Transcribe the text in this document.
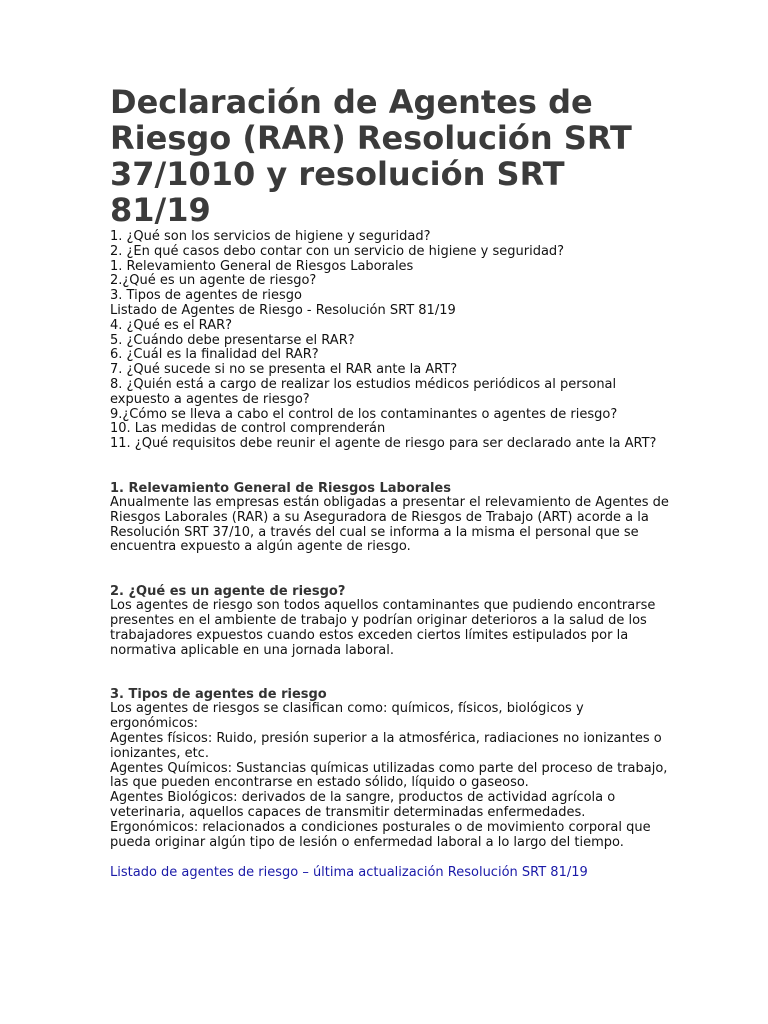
Declaración de Agentes de Riesgo (RAR) Resolución SRT 37/1010 y resolución SRT 81/19
1. ¿Qué son los servicios de higiene y seguridad?
2. ¿En qué casos debo contar con un servicio de higiene y seguridad?
1. Relevamiento General de Riesgos Laborales
2.¿Qué es un agente de riesgo?
3. Tipos de agentes de riesgo
Listado de Agentes de Riesgo - Resolución SRT 81/19
4. ¿Qué es el RAR?
5. ¿Cuándo debe presentarse el RAR?
6. ¿Cuál es la finalidad del RAR?
7. ¿Qué sucede si no se presenta el RAR ante la ART?
8. ¿Quién está a cargo de realizar los estudios médicos periódicos al personal expuesto a agentes de riesgo?
9.¿Cómo se lleva a cabo el control de los contaminantes o agentes de riesgo?
10. Las medidas de control comprenderán
11. ¿Qué requisitos debe reunir el agente de riesgo para ser declarado ante la ART?
1. Relevamiento General de Riesgos Laborales
Anualmente las empresas están obligadas a presentar el relevamiento de Agentes de Riesgos Laborales (RAR) a su Aseguradora de Riesgos de Trabajo (ART) acorde a la Resolución SRT 37/10, a través del cual se informa a la misma el personal que se encuentra expuesto a algún agente de riesgo.
2. ¿Qué es un agente de riesgo?
Los agentes de riesgo son todos aquellos contaminantes que pudiendo encontrarse presentes en el ambiente de trabajo y podrían originar deterioros a la salud de los trabajadores expuestos cuando estos exceden ciertos límites estipulados por la normativa aplicable en una jornada laboral.
3. Tipos de agentes de riesgo
Los agentes de riesgos se clasifican como: químicos, físicos, biológicos y ergonómicos:
Agentes físicos: Ruido, presión superior a la atmosférica, radiaciones no ionizantes o ionizantes, etc.
Agentes Químicos: Sustancias químicas utilizadas como parte del proceso de trabajo, las que pueden encontrarse en estado sólido, líquido o gaseoso.
Agentes Biológicos: derivados de la sangre, productos de actividad agrícola o veterinaria, aquellos capaces de transmitir determinadas enfermedades.
Ergonómicos: relacionados a condiciones posturales o de movimiento corporal que pueda originar algún tipo de lesión o enfermedad laboral a lo largo del tiempo.
Listado de agentes de riesgo – última actualización Resolución SRT 81/19
